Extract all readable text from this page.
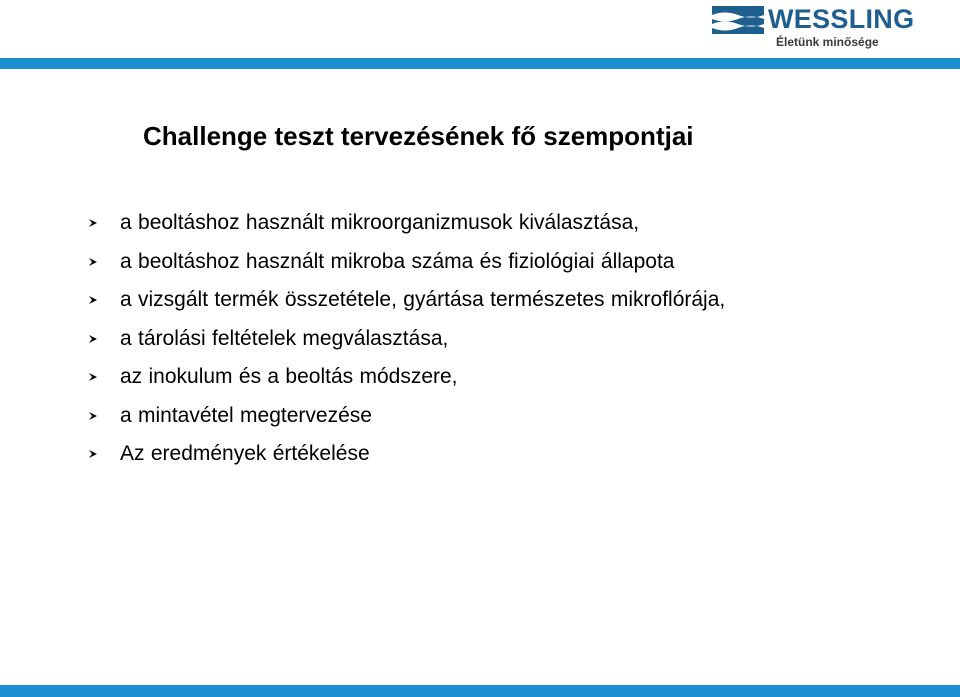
WESSLING
Életünk minősége
Challenge teszt tervezésének fő szempontjai
a beoltáshoz használt mikroorganizmusok kiválasztása,
a beoltáshoz használt mikroba száma és fiziológiai állapota
a vizsgált termék összetétele, gyártása természetes mikroflórája,
a tárolási feltételek megválasztása,
az inokulum és a beoltás módszere,
a mintavétel megtervezése
Az eredmények értékelése
